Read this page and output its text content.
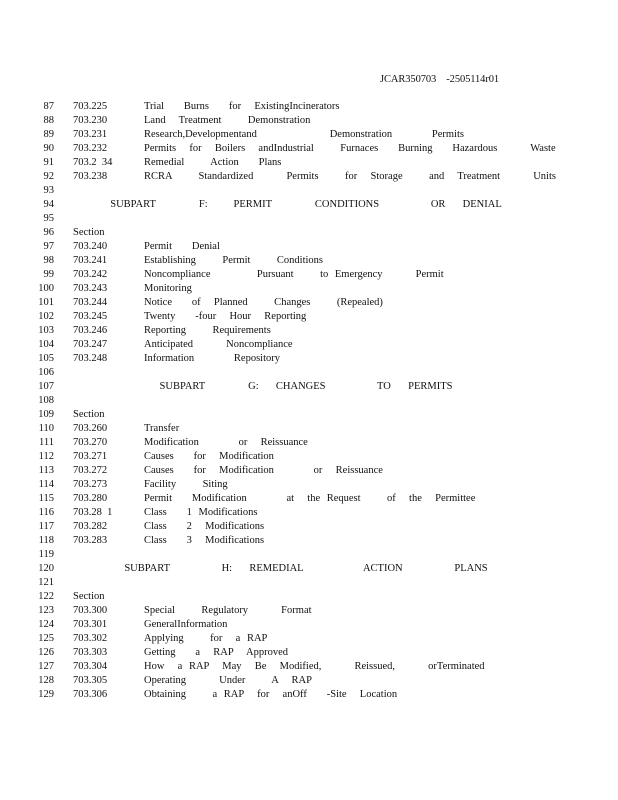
JCAR350703    -2505114r01
87 703.225	Trial   Burns   for  ExistingIncinerators
88 703.230	Land  Treatment    Demonstration
89 703.231	Research,Developmentand           Demonstration      Permits
90 703.232	Permits  for  Boilers  andIndustrial    Furnaces   Burning   Hazardous     Waste
91 703.2  34	Remedial    Action   Plans
92 703.238	RCRA    Standardized     Permits    for  Storage    and  Treatment     Units
93
94	SUBPART     F:   PERMIT     CONDITIONS      OR  DENIAL
95
96 Section
97 703.240	Permit   Denial
98 703.241	Establishing    Permit    Conditions
99 703.242	Noncompliance       Pursuant    to Emergency     Permit
100 703.243	Monitoring
101 703.244	Notice   of  Planned    Changes    (Repealed)
102 703.245	Twenty   -four  Hour  Reporting
103 703.246	Reporting    Requirements
104 703.247	Anticipated     Noncompliance
105 703.248	Information      Repository
106
107	SUBPART     G:  CHANGES      TO  PERMITS
108
109 Section
110 703.260	Transfer
111 703.270	Modification      or  Reissuance
112 703.271	Causes   for  Modification
113 703.272	Causes   for  Modification      or  Reissuance
114 703.273	Facility    Siting
115 703.280	Permit   Modification      at  the Request    of  the  Permittee
116 703.28  1	Class   1 Modifications
117 703.282	Class   2  Modifications
118 703.283	Class   3  Modifications
119
120	SUBPART      H:  REMEDIAL       ACTION      PLANS
121
122 Section
123 703.300	Special    Regulatory     Format
124 703.301	GeneralInformation
125 703.302	Applying    for  a RAP
126 703.303	Getting   a  RAP  Approved
127 703.304	How  a RAP  May  Be  Modified,     Reissued,     orTerminated
128 703.305	Operating     Under    A  RAP
129 703.306	Obtaining    a RAP  for  anOff   -Site  Location
